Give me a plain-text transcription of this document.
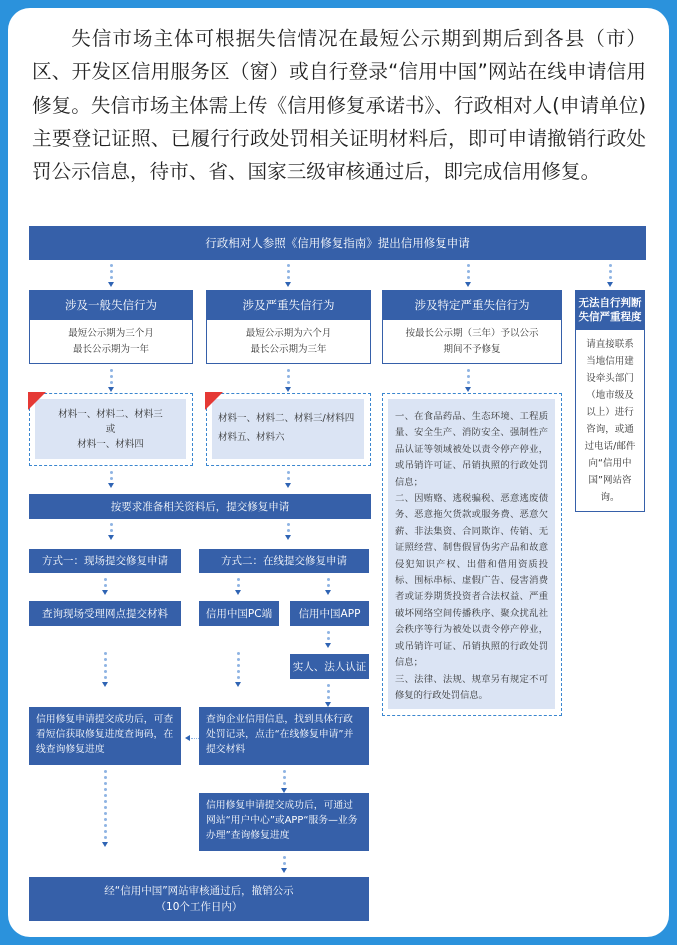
失信市场主体可根据失信情况在最短公示期到期后到各县（市）区、开发区信用服务区（窗）或自行登录“信用中国”网站在线申请信用修复。失信市场主体需上传《信用修复承诺书》、行政相对人(申请单位)主要登记证照、已履行行政处罚相关证明材料后，即可申请撤销行政处罚公示信息，待市、省、国家三级审核通过后，即完成信用修复。

行政相对人参照《信用修复指南》提出信用修复申请
涉及一般失信行为
最短公示期为三个月
最长公示期为一年
涉及严重失信行为
最短公示期为六个月
最长公示期为三年
涉及特定严重失信行为
按最长公示期（三年）予以公示
期间不予修复
无法自行判断失信严重程度
请直接联系当地信用建设牵头部门（地市级及以上）进行咨询，或通过电话/邮件向“信用中国”网站咨询。
材料一、材料二、材料三
或
材料一、材料四
材料一、材料二、材料三/材料四
材料五、材料六
一、在食品药品、生态环境、工程质量、安全生产、消防安全、强制性产品认证等领域被处以责令停产停业，或吊销许可证、吊销执照的行政处罚信息；
二、因贿赂、逃税骗税、恶意逃废债务、恶意拖欠货款或服务费、恶意欠薪、非法集资、合同欺诈、传销、无证照经营、制售假冒伪劣产品和故意侵犯知识产权、出借和借用资质投标、围标串标、虚假广告、侵害消费者或证券期货投资者合法权益、严重破坏网络空间传播秩序、聚众扰乱社会秩序等行为被处以责令停产停业，或吊销许可证、吊销执照的行政处罚信息；
三、法律、法规、规章另有规定不可修复的行政处罚信息。
按要求准备相关资料后，提交修复申请
方式一：现场提交修复申请	方式二：在线提交修复申请
查询现场受理网点提交材料	信用中国PC端	信用中国APP
实人、法人认证
信用修复申请提交成功后，可查看短信获取修复进度查询码，在线查询修复进度
查询企业信用信息，找到具体行政处罚记录，点击“在线修复申请”并提交材料
信用修复申请提交成功后，可通过网站“用户中心”或APP“服务—业务办理”查询修复进度
经“信用中国”网站审核通过后，撤销公示
（10个工作日内）
